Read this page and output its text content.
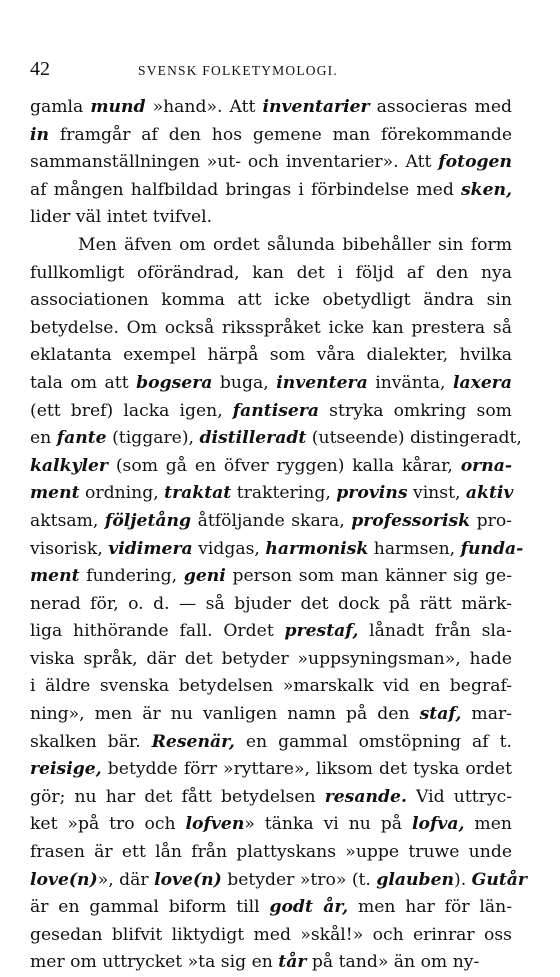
42	SVENSK FOLKETYMOLOGI.
gamla mund »hand». Att inventarier associeras med
in framgår af den hos gemene man förekommande
sammanställningen »ut- och inventarier». Att fotogen
af mången halfbildad bringas i förbindelse med sken,
lider väl intet tvifvel.
Men äfven om ordet sålunda bibehåller sin form
fullkomligt oförändrad, kan det i följd af den nya
associationen komma att icke obetydligt ändra sin
betydelse. Om också riksspråket icke kan prestera så
eklatanta exempel härpå som våra dialekter, hvilka
tala om att bogsera buga, inventera invänta, laxera
(ett bref) lacka igen, fantisera stryka omkring som
en fante (tiggare), distilleradt (utseende) distingeradt,
kalkyler (som gå en öfver ryggen) kalla kårar, orna-
ment ordning, traktat traktering, provins vinst, aktiv
aktsam, följetång åtföljande skara, professorisk pro-
visorisk, vidimera vidgas, harmonisk harmsen, funda-
ment fundering, geni person som man känner sig ge-
nerad för, o. d. — så bjuder det dock på rätt märk-
liga hithörande fall. Ordet prestaf, lånadt från sla-
viska språk, där det betyder »uppsyningsman», hade
i äldre svenska betydelsen »marskalk vid en begraf-
ning», men är nu vanligen namn på den staf, mar-
skalken bär. Resenär, en gammal omstöpning af t.
reisige, betydde förr »ryttare», liksom det tyska ordet
gör; nu har det fått betydelsen resande. Vid uttryc-
ket »på tro och lofven» tänka vi nu på lofva, men
frasen är ett lån från plattyskans »uppe truwe unde
love(n)», där love(n) betyder »tro» (t. glauben). Gutår
är en gammal biform till godt år, men har för län-
gesedan blifvit liktydigt med »skål!» och erinrar oss
mer om uttrycket »ta sig en tår på tand» än om ny-
